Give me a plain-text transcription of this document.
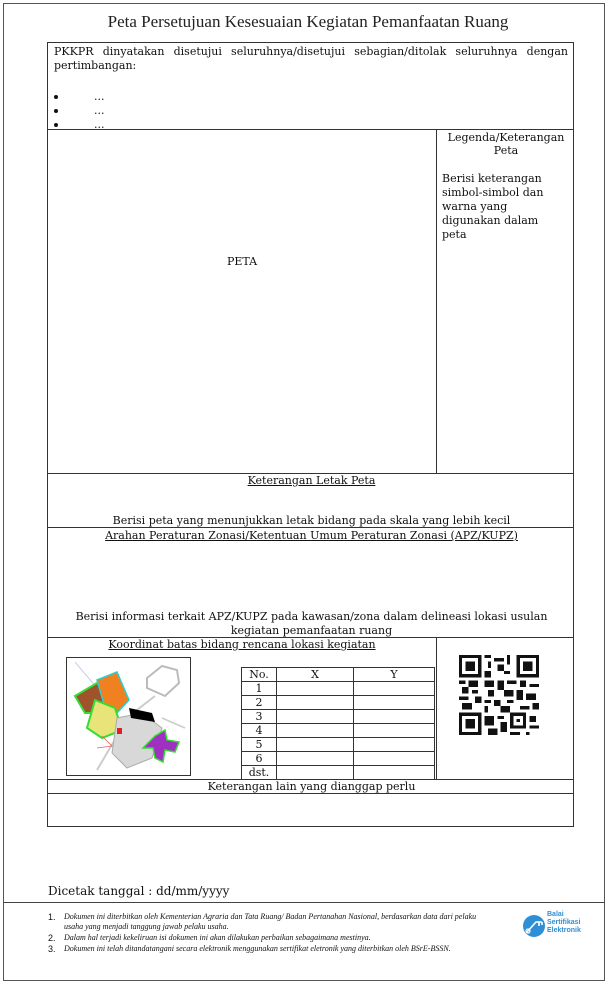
Peta Persetujuan Kesesuaian Kegiatan Pemanfaatan Ruang
PKKPR dinyatakan disetujui seluruhnya/disetujui sebagian/ditolak seluruhnya dengan pertimbangan:
...
...
...
PETA
Legenda/Keterangan Peta
Berisi keterangan simbol-simbol dan warna yang digunakan dalam peta
Keterangan Letak Peta
Berisi peta yang menunjukkan letak bidang pada skala yang lebih kecil
Arahan Peraturan Zonasi/Ketentuan Umum Peraturan Zonasi (APZ/KUPZ)
Berisi informasi terkait APZ/KUPZ pada kawasan/zona dalam delineasi lokasi usulan kegiatan pemanfaatan ruang
Koordinat batas bidang rencana lokasi kegiatan
No.	X	Y
1		
2		
3		
4		
5		
6		
dst.		
Keterangan lain yang dianggap perlu
Dicetak tanggal : dd/mm/yyyy
1. Dokumen ini diterbitkan oleh Kementerian Agraria dan Tata Ruang/ Badan Pertanahan Nasional, berdasarkan data dari pelaku usaha yang menjadi tanggung jawab pelaku usaha.
2. Dalam hal terjadi kekeliruan isi dokumen ini akan dilakukan perbaikan sebagaimana mestinya.
3. Dokumen ini telah ditandatangani secara elektronik menggunakan sertifikat eletronik yang diterbitkan oleh BSrE-BSSN.
Balai
Sertifikasi
Elektronik
